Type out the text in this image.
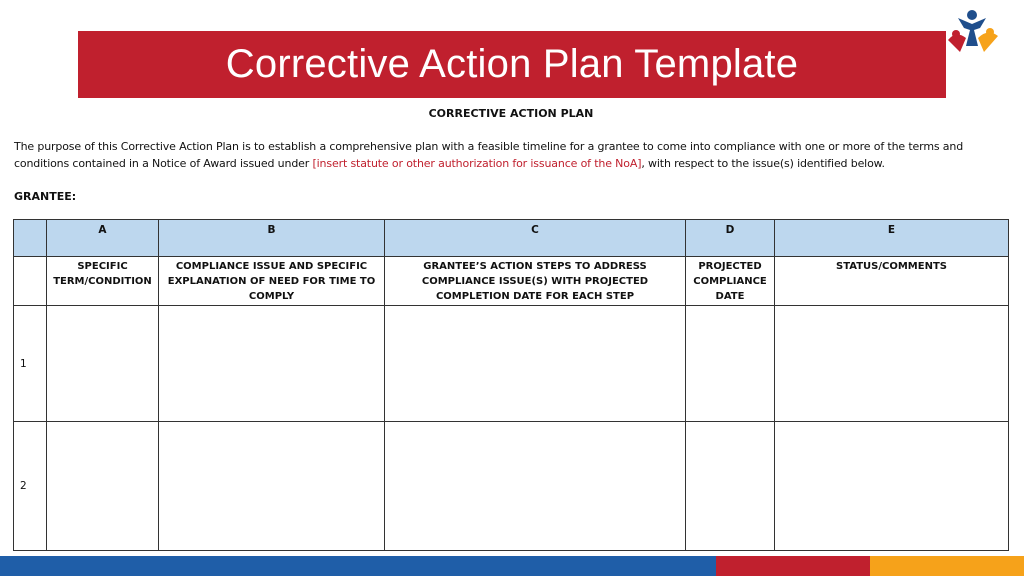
Corrective Action Plan Template
CORRECTIVE ACTION PLAN
The purpose of this Corrective Action Plan is to establish a comprehensive plan with a feasible timeline for a grantee to come into compliance with one or more of the terms and conditions contained in a Notice of Award issued under [insert statute or other authorization for issuance of the NoA], with respect to the issue(s) identified below.
GRANTEE:
	A	B	C	D	E
	SPECIFIC TERM/CONDITION	COMPLIANCE ISSUE AND SPECIFIC EXPLANATION OF NEED FOR TIME TO COMPLY	GRANTEE’S ACTION STEPS TO ADDRESS COMPLIANCE ISSUE(S) WITH PROJECTED COMPLETION DATE FOR EACH STEP	PROJECTED COMPLIANCE DATE	STATUS/COMMENTS
1					
2					
